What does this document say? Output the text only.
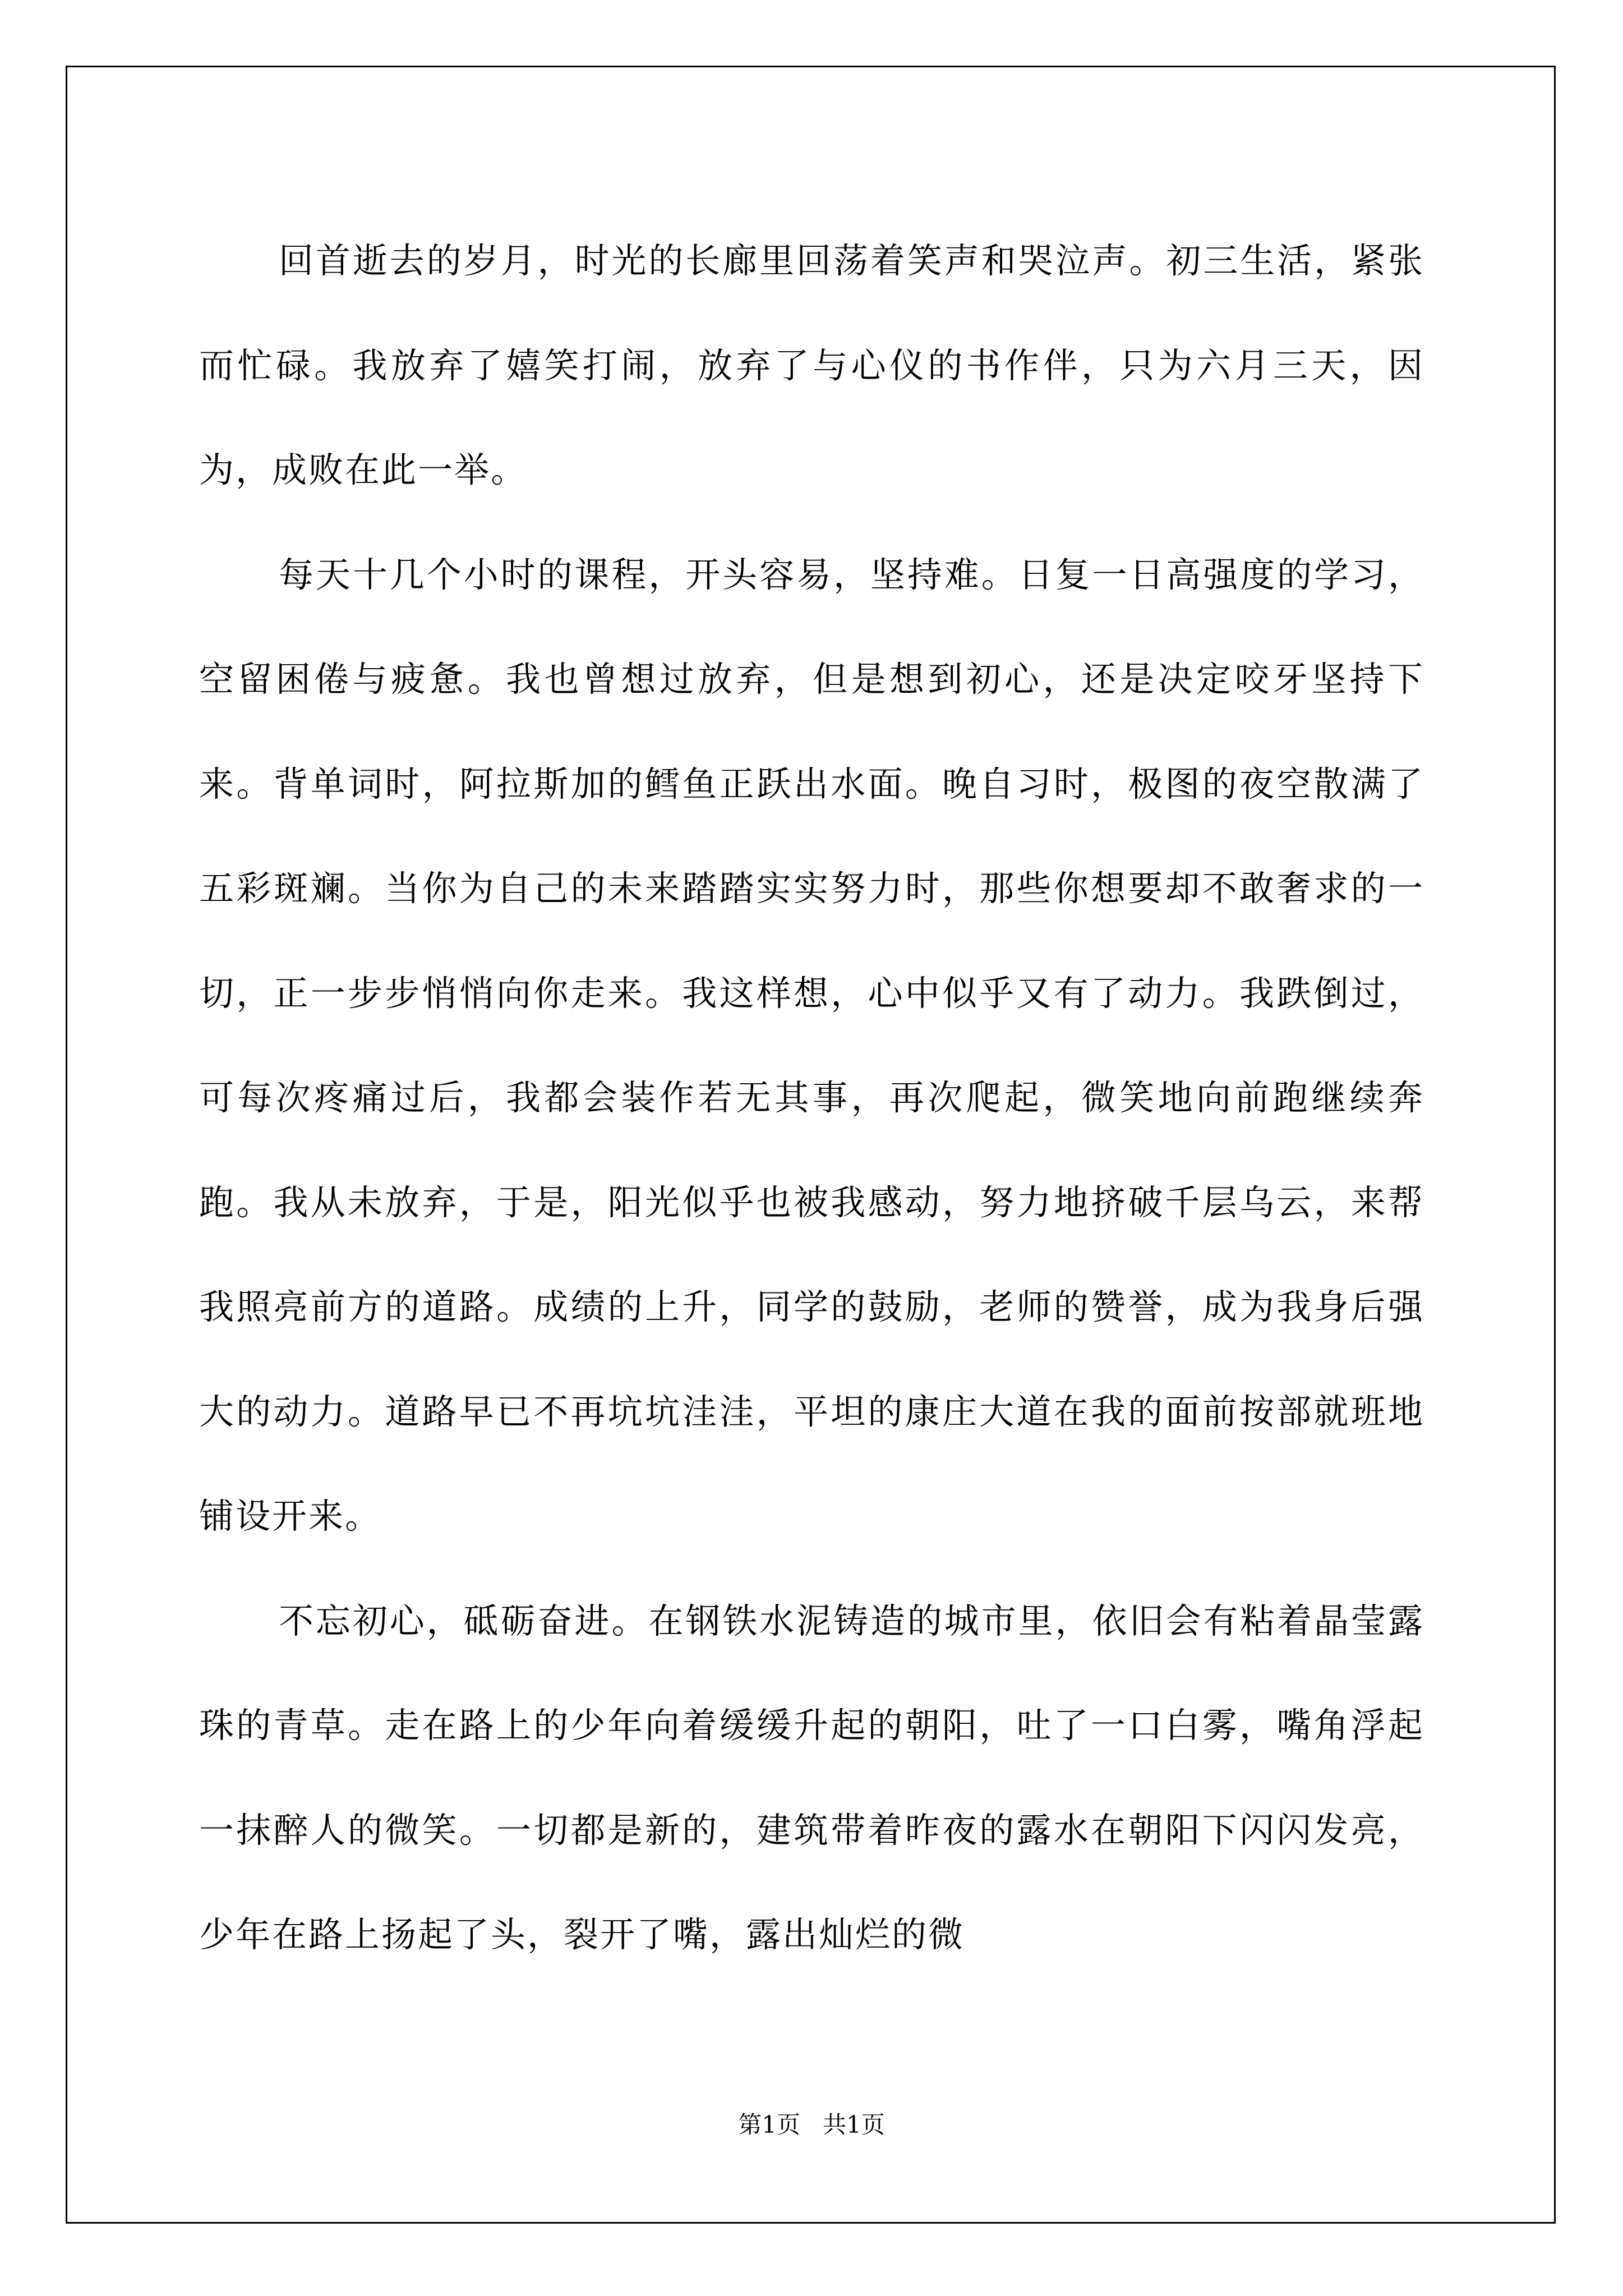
回首逝去的岁月，时光的长廊里回荡着笑声和哭泣声。初三生活，紧张而忙碌。我放弃了嬉笑打闹，放弃了与心仪的书作伴，只为六月三天，因为，成败在此一举。

每天十几个小时的课程，开头容易，坚持难。日复一日高强度的学习，空留困倦与疲惫。我也曾想过放弃，但是想到初心，还是决定咬牙坚持下来。背单词时，阿拉斯加的鳕鱼正跃出水面。晚自习时，极图的夜空散满了五彩斑斓。当你为自己的未来踏踏实实努力时，那些你想要却不敢奢求的一切，正一步步悄悄向你走来。我这样想，心中似乎又有了动力。我跌倒过，可每次疼痛过后，我都会装作若无其事，再次爬起，微笑地向前跑继续奔跑。我从未放弃，于是，阳光似乎也被我感动，努力地挤破千层乌云，来帮我照亮前方的道路。成绩的上升，同学的鼓励，老师的赞誉，成为我身后强大的动力。道路早已不再坑坑洼洼，平坦的康庄大道在我的面前按部就班地铺设开来。

不忘初心，砥砺奋进。在钢铁水泥铸造的城市里，依旧会有粘着晶莹露珠的青草。走在路上的少年向着缓缓升起的朝阳，吐了一口白雾，嘴角浮起一抹醉人的微笑。一切都是新的，建筑带着昨夜的露水在朝阳下闪闪发亮，少年在路上扬起了头，裂开了嘴，露出灿烂的微

第1页 共1页
